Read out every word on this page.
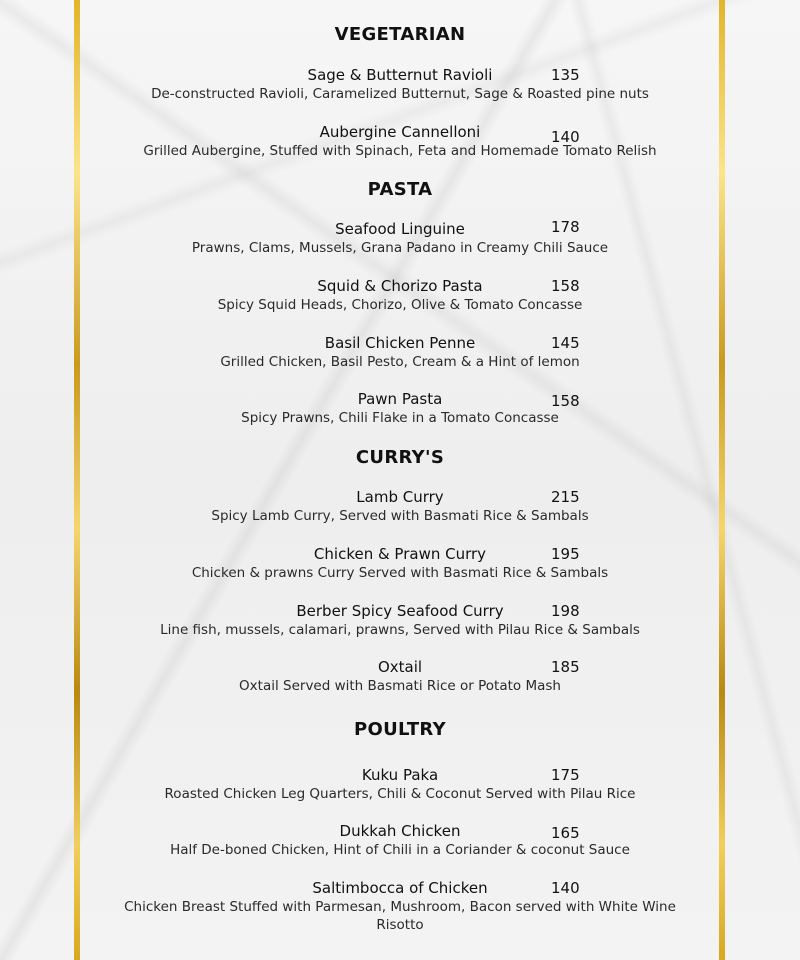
VEGETARIAN
Sage & Butternut Ravioli	135
De-constructed Ravioli, Caramelized Butternut, Sage & Roasted pine nuts
Aubergine Cannelloni	140
Grilled Aubergine, Stuffed with Spinach, Feta and Homemade Tomato Relish
PASTA
Seafood Linguine	178
Prawns, Clams, Mussels, Grana Padano in Creamy Chili Sauce
Squid & Chorizo Pasta	158
Spicy Squid Heads, Chorizo, Olive & Tomato Concasse
Basil Chicken Penne	145
Grilled Chicken, Basil Pesto, Cream & a Hint of lemon
Pawn Pasta	158
Spicy Prawns, Chili Flake in a Tomato Concasse
CURRY'S
Lamb Curry	215
Spicy Lamb Curry, Served with Basmati Rice & Sambals
Chicken & Prawn Curry	195
Chicken & prawns Curry Served with Basmati Rice & Sambals
Berber Spicy Seafood Curry	198
Line fish, mussels, calamari, prawns, Served with Pilau Rice & Sambals
Oxtail	185
Oxtail Served with Basmati Rice or Potato Mash
POULTRY
Kuku Paka	175
Roasted Chicken Leg Quarters, Chili & Coconut Served with Pilau Rice
Dukkah Chicken	165
Half De-boned Chicken, Hint of Chili in a Coriander & coconut Sauce
Saltimbocca of Chicken	140
Chicken Breast Stuffed with Parmesan, Mushroom, Bacon served with White Wine Risotto
